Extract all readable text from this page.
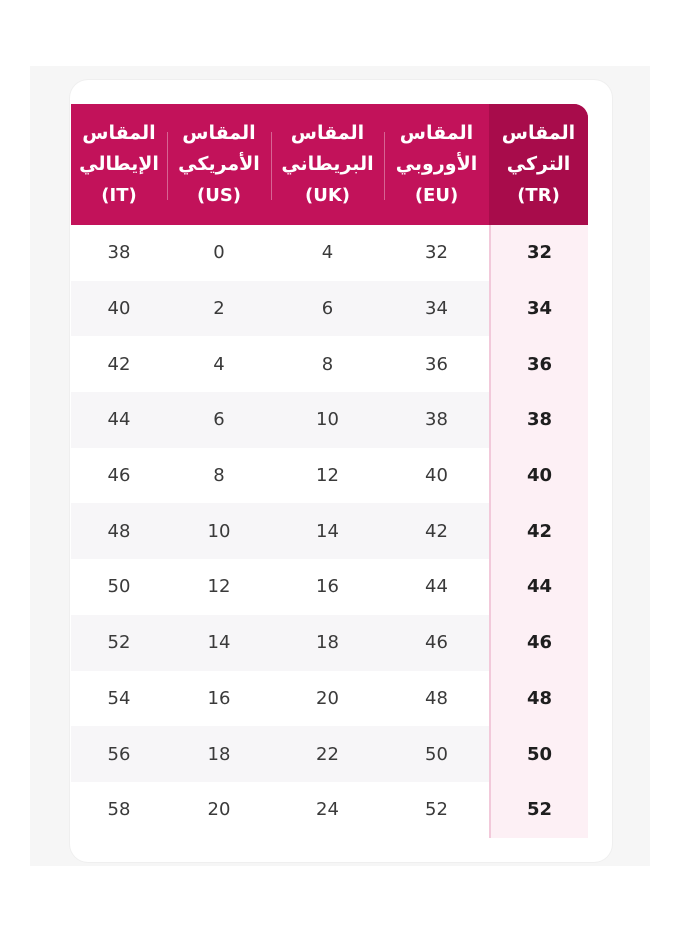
المقاس التركي
(TR)
المقاس الأوروبي
(EU)
المقاس البريطاني
(UK)
المقاس الأمريكي
(US)
المقاس الإيطالي
(IT)
32
32
4
0
38
34
34
6
2
40
36
36
8
4
42
38
38
10
6
44
40
40
12
8
46
42
42
14
10
48
44
44
16
12
50
46
46
18
14
52
48
48
20
16
54
50
50
22
18
56
52
52
24
20
58
